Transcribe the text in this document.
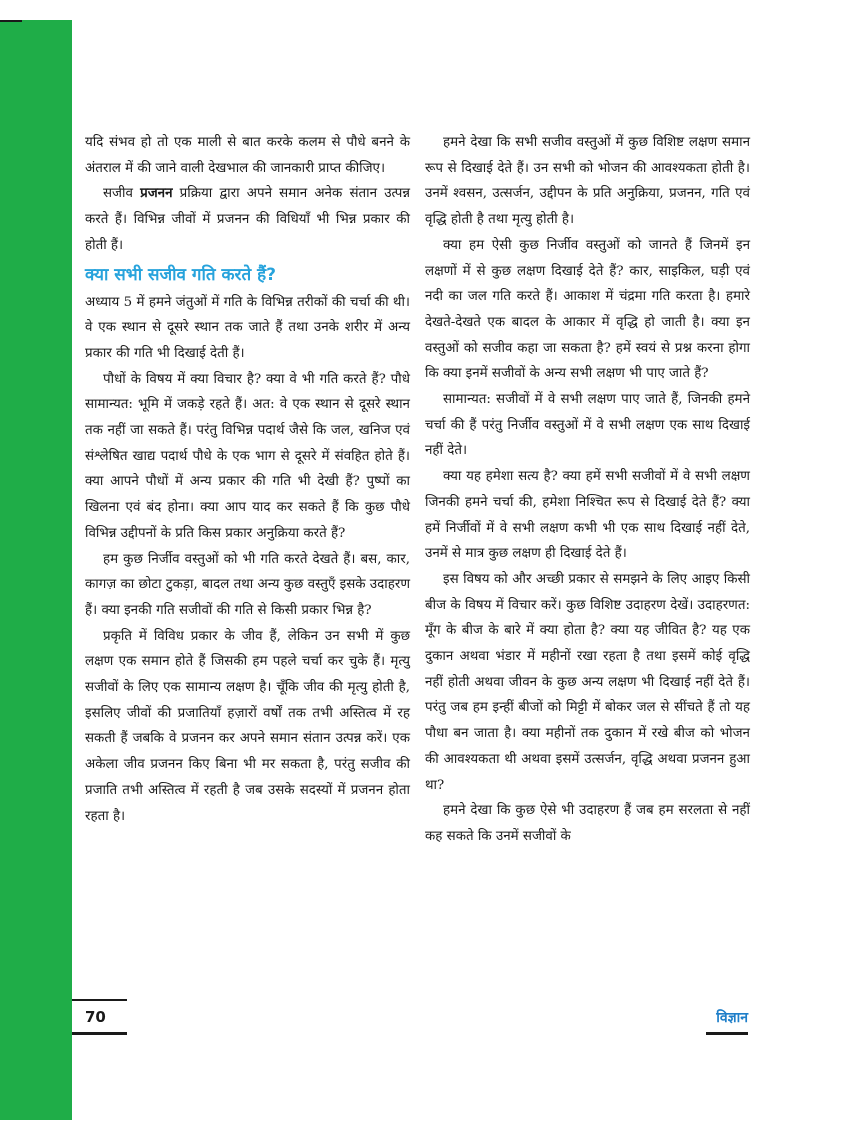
यदि संभव हो तो एक माली से बात करके कलम से पौधे बनने के अंतराल में की जाने वाली देखभाल की जानकारी प्राप्त कीजिए।

सजीव प्रजनन प्रक्रिया द्वारा अपने समान अनेक संतान उत्पन्न करते हैं। विभिन्न जीवों में प्रजनन की विधियाँ भी भिन्न प्रकार की होती हैं।

क्या सभी सजीव गति करते हैं?

अध्याय 5 में हमने जंतुओं में गति के विभिन्न तरीकों की चर्चा की थी। वे एक स्थान से दूसरे स्थान तक जाते हैं तथा उनके शरीर में अन्य प्रकार की गति भी दिखाई देती हैं।

पौधों के विषय में क्या विचार है? क्या वे भी गति करते हैं? पौधे सामान्यत: भूमि में जकड़े रहते हैं। अत: वे एक स्थान से दूसरे स्थान तक नहीं जा सकते हैं। परंतु विभिन्न पदार्थ जैसे कि जल, खनिज एवं संश्लेषित खाद्य पदार्थ पौधे के एक भाग से दूसरे में संवहित होते हैं। क्या आपने पौधों में अन्य प्रकार की गति भी देखी हैं? पुष्पों का खिलना एवं बंद होना। क्या आप याद कर सकते हैं कि कुछ पौधे विभिन्न उद्दीपनों के प्रति किस प्रकार अनुक्रिया करते हैं?

हम कुछ निर्जीव वस्तुओं को भी गति करते देखते हैं। बस, कार, कागज़ का छोटा टुकड़ा, बादल तथा अन्य कुछ वस्तुएँ इसके उदाहरण हैं। क्या इनकी गति सजीवों की गति से किसी प्रकार भिन्न है?

प्रकृति में विविध प्रकार के जीव हैं, लेकिन उन सभी में कुछ लक्षण एक समान होते हैं जिसकी हम पहले चर्चा कर चुके हैं। मृत्यु सजीवों के लिए एक सामान्य लक्षण है। चूँकि जीव की मृत्यु होती है, इसलिए जीवों की प्रजातियाँ हज़ारों वर्षों तक तभी अस्तित्व में रह सकती हैं जबकि वे प्रजनन कर अपने समान संतान उत्पन्न करें। एक अकेला जीव प्रजनन किए बिना भी मर सकता है, परंतु सजीव की प्रजाति तभी अस्तित्व में रहती है जब उसके सदस्यों में प्रजनन होता रहता है।

हमने देखा कि सभी सजीव वस्तुओं में कुछ विशिष्ट लक्षण समान रूप से दिखाई देते हैं। उन सभी को भोजन की आवश्यकता होती है। उनमें श्वसन, उत्सर्जन, उद्दीपन के प्रति अनुक्रिया, प्रजनन, गति एवं वृद्धि होती है तथा मृत्यु होती है।

क्या हम ऐसी कुछ निर्जीव वस्तुओं को जानते हैं जिनमें इन लक्षणों में से कुछ लक्षण दिखाई देते हैं? कार, साइकिल, घड़ी एवं नदी का जल गति करते हैं। आकाश में चंद्रमा गति करता है। हमारे देखते-देखते एक बादल के आकार में वृद्धि हो जाती है। क्या इन वस्तुओं को सजीव कहा जा सकता है? हमें स्वयं से प्रश्न करना होगा कि क्या इनमें सजीवों के अन्य सभी लक्षण भी पाए जाते हैं?

सामान्यत: सजीवों में वे सभी लक्षण पाए जाते हैं, जिनकी हमने चर्चा की हैं परंतु निर्जीव वस्तुओं में वे सभी लक्षण एक साथ दिखाई नहीं देते।

क्या यह हमेशा सत्य है? क्या हमें सभी सजीवों में वे सभी लक्षण जिनकी हमने चर्चा की, हमेशा निश्चित रूप से दिखाई देते हैं? क्या हमें निर्जीवों में वे सभी लक्षण कभी भी एक साथ दिखाई नहीं देते, उनमें से मात्र कुछ लक्षण ही दिखाई देते हैं।

इस विषय को और अच्छी प्रकार से समझने के लिए आइए किसी बीज के विषय में विचार करें। कुछ विशिष्ट उदाहरण देखें। उदाहरणत: मूँग के बीज के बारे में क्या होता है? क्या यह जीवित है? यह एक दुकान अथवा भंडार में महीनों रखा रहता है तथा इसमें कोई वृद्धि नहीं होती अथवा जीवन के कुछ अन्य लक्षण भी दिखाई नहीं देते हैं। परंतु जब हम इन्हीं बीजों को मिट्टी में बोकर जल से सींचते हैं तो यह पौधा बन जाता है। क्या महीनों तक दुकान में रखे बीज को भोजन की आवश्यकता थी अथवा इसमें उत्सर्जन, वृद्धि अथवा प्रजनन हुआ था?

हमने देखा कि कुछ ऐसे भी उदाहरण हैं जब हम सरलता से नहीं कह सकते कि उनमें सजीवों के

70	विज्ञान
